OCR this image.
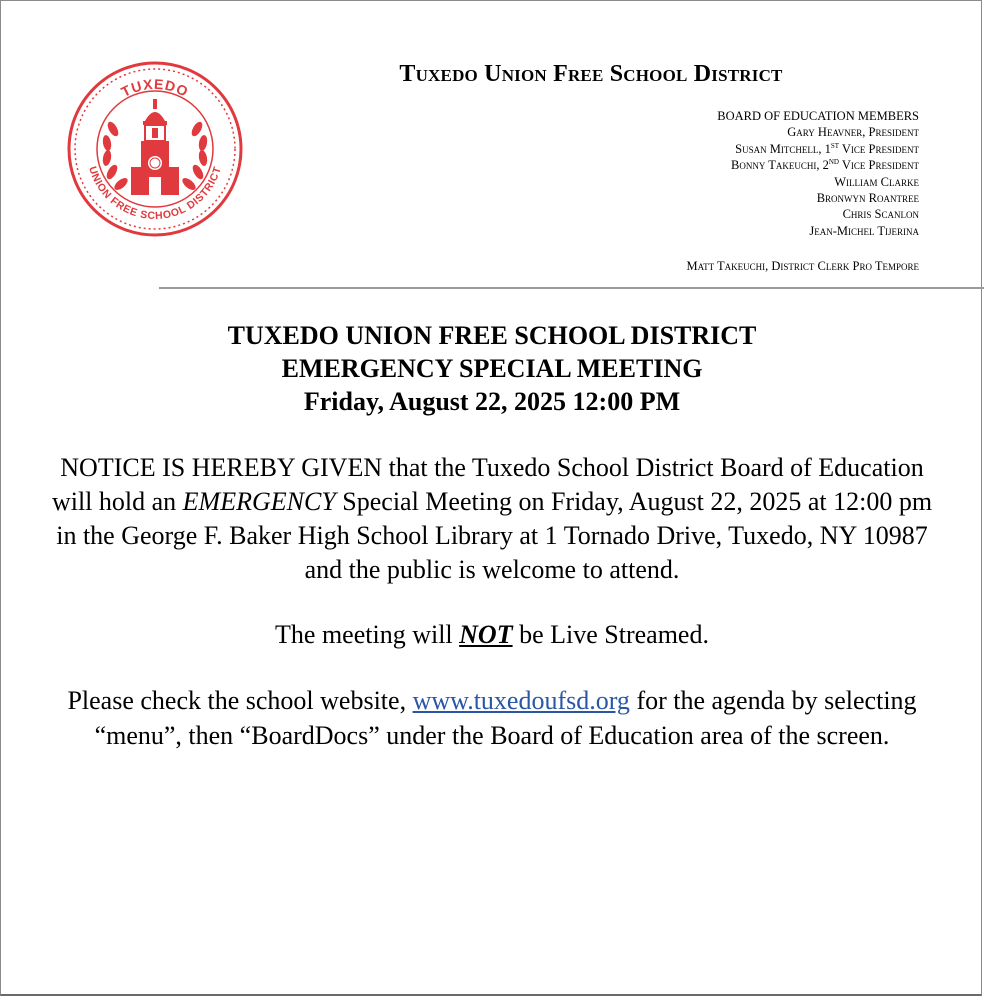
TUXEDO
UNION FREE SCHOOL DISTRICT
Tuxedo Union Free School District
BOARD OF EDUCATION MEMBERS
Gary Heavner, President
Susan Mitchell, 1ST Vice President
Bonny Takeuchi, 2ND Vice President
William Clarke
Bronwyn Roantree
Chris Scanlon
Jean-Michel Tijerina
Matt Takeuchi, District Clerk Pro Tempore
TUXEDO UNION FREE SCHOOL DISTRICT
EMERGENCY SPECIAL MEETING
Friday, August 22, 2025 12:00 PM

NOTICE IS HEREBY GIVEN that the Tuxedo School District Board of Education will hold an EMERGENCY Special Meeting on Friday, August 22, 2025 at 12:00 pm in the George F. Baker High School Library at 1 Tornado Drive, Tuxedo, NY 10987 and the public is welcome to attend.

The meeting will NOT be Live Streamed.

Please check the school website, www.tuxedoufsd.org for the agenda by selecting “menu”, then “BoardDocs” under the Board of Education area of the screen.
